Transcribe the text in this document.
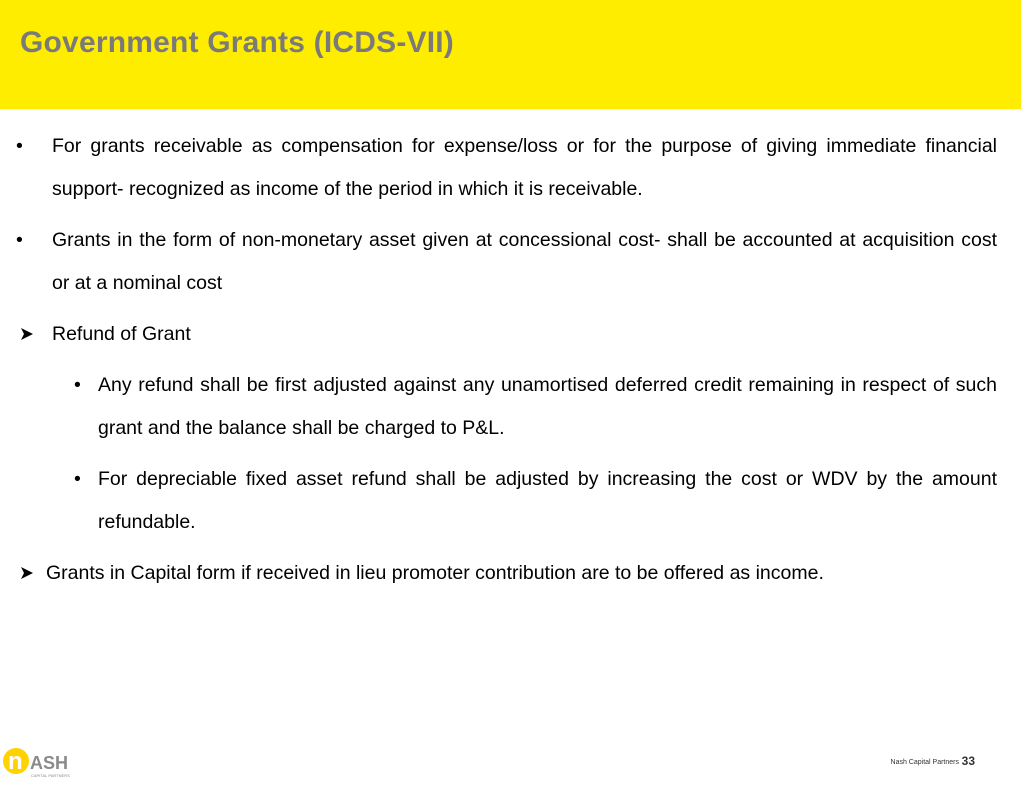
Government Grants (ICDS-VII)
• For grants receivable as compensation for expense/loss or for the purpose of giving immediate financial support- recognized as income of the period in which it is receivable.
• Grants in the form of non-monetary asset given at concessional cost- shall be accounted at acquisition cost or at a nominal cost
Refund of Grant
• Any refund shall be first adjusted against any unamortised deferred credit remaining in respect of such grant and the balance shall be charged to P&L.
• For depreciable fixed asset refund shall be adjusted by increasing the cost or WDV by the amount refundable.
Grants in Capital form if received in lieu promoter contribution are to be offered as income.
n ASH
CAPITAL PARTNERS
Nash Capital Partners 33
